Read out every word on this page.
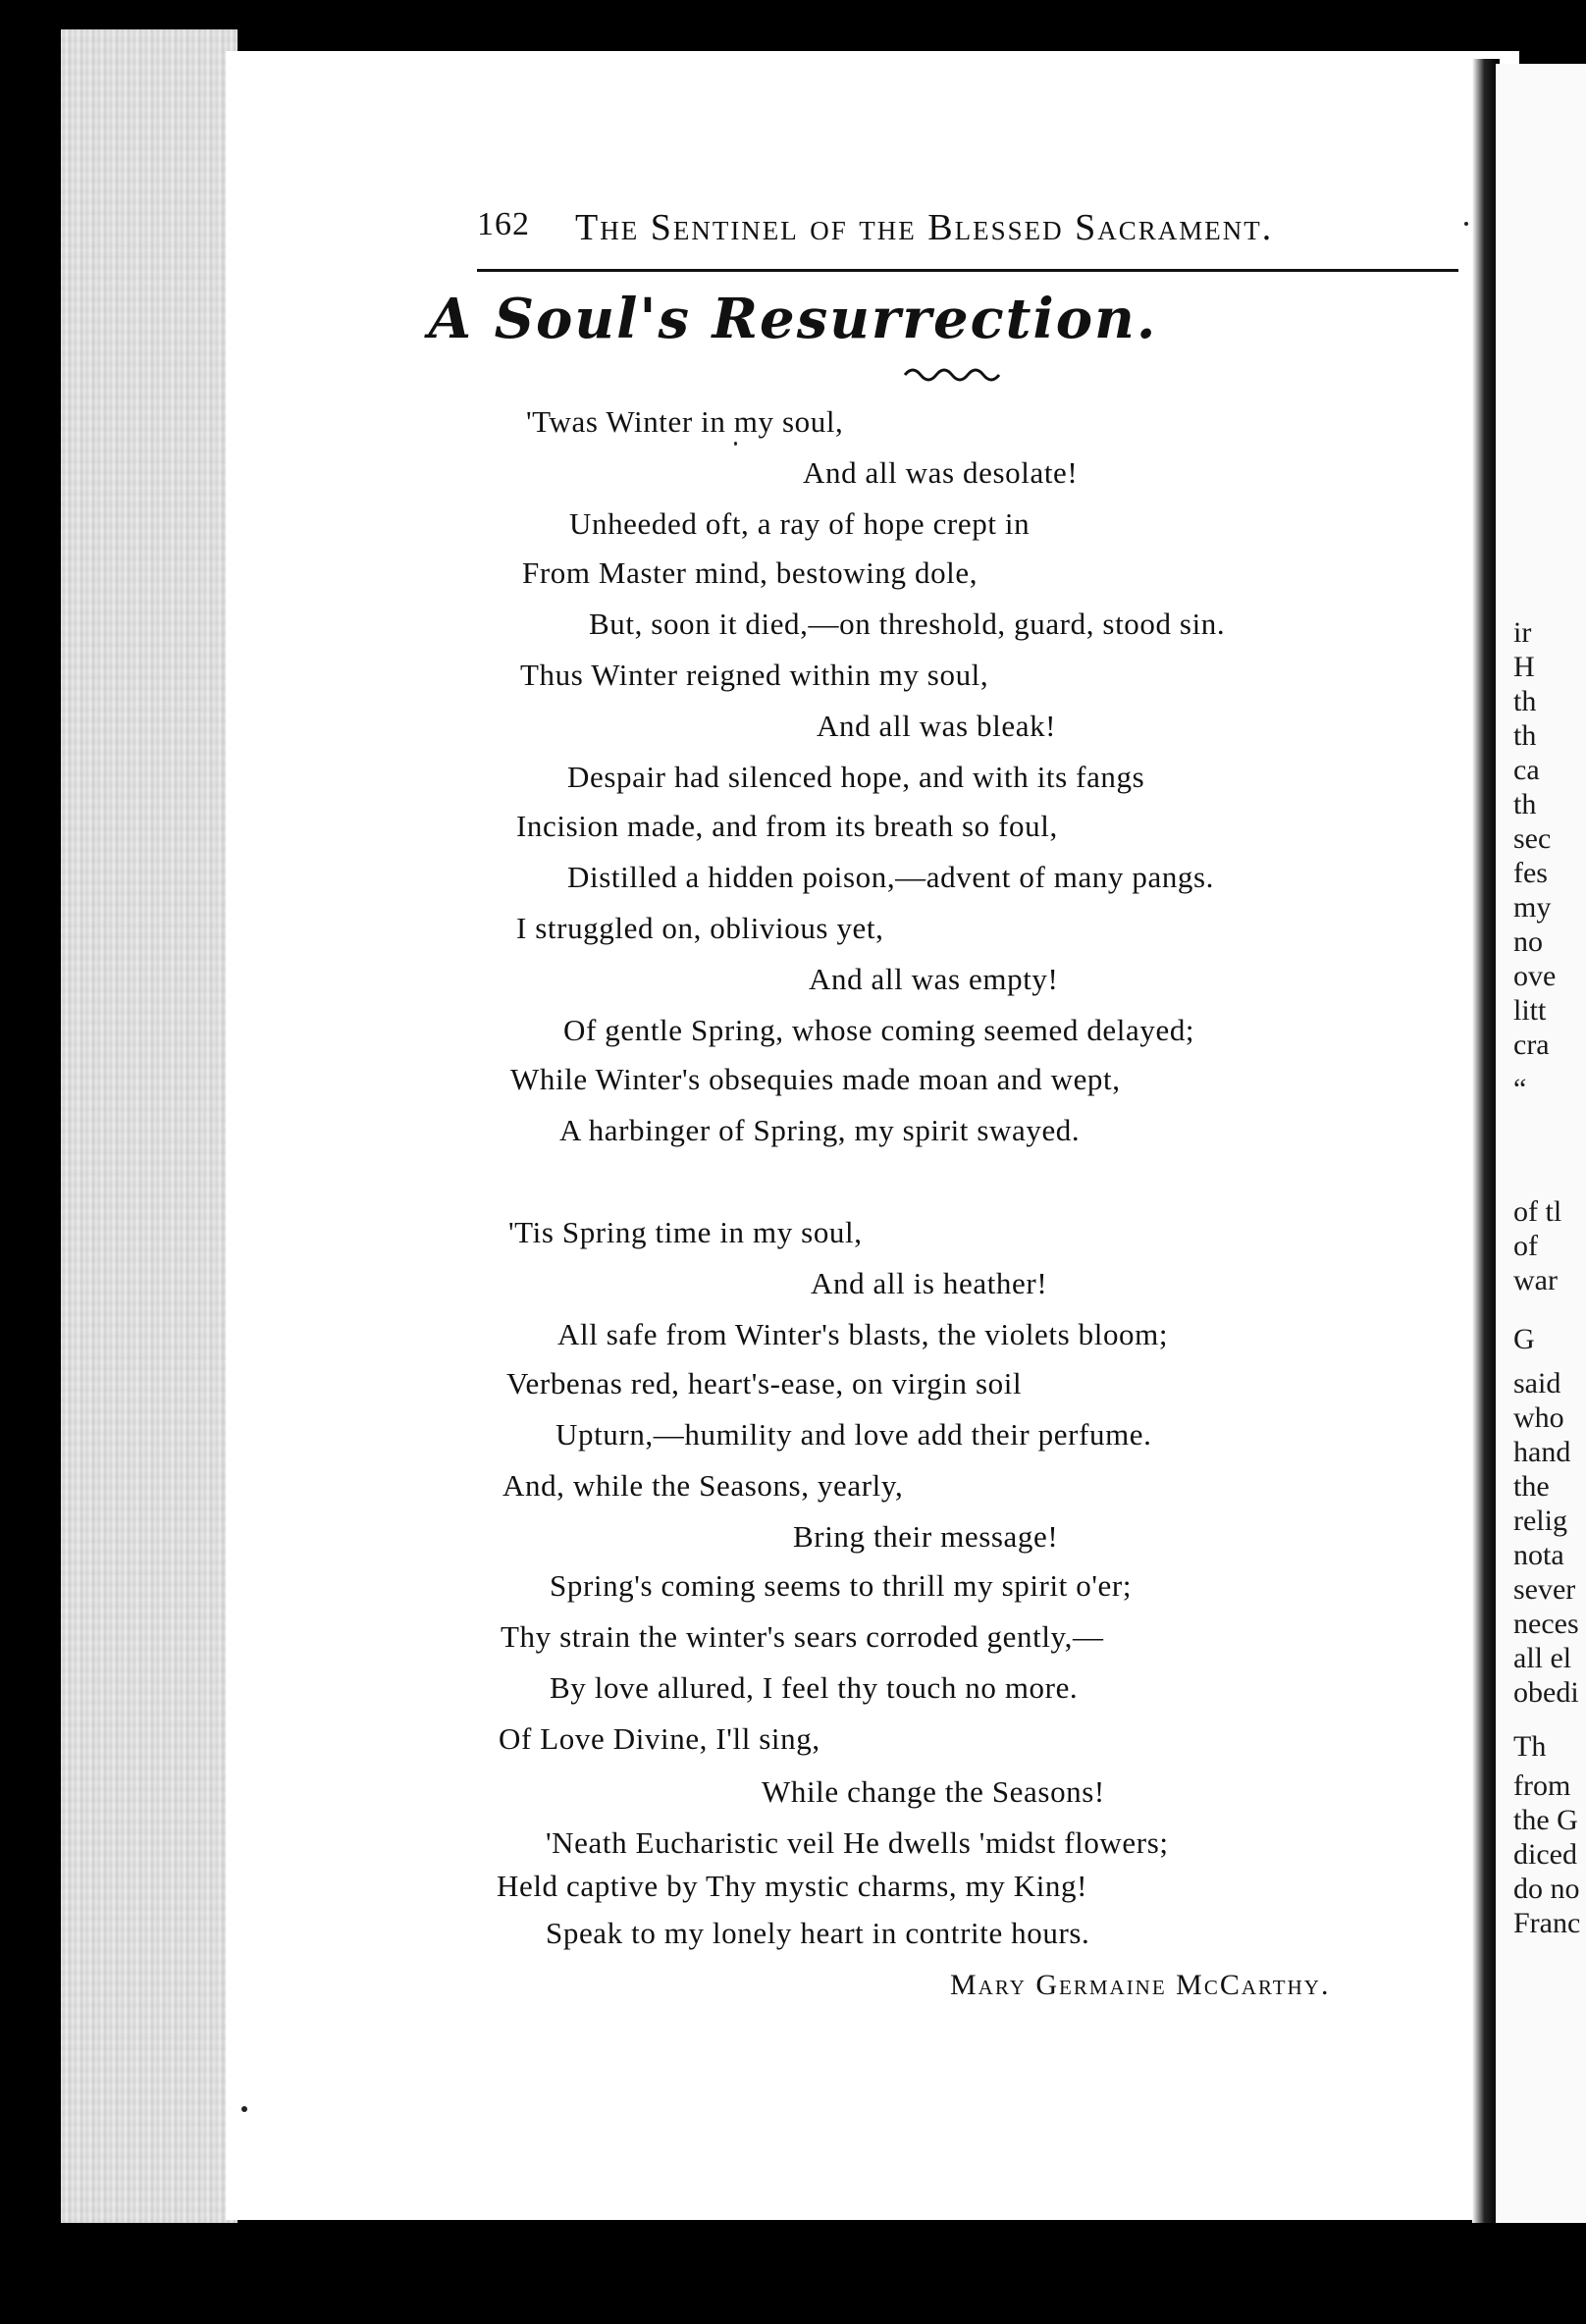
162 The Sentinel of the Blessed Sacrament.
A Soul's Resurrection.
'Twas Winter in my soul,
And all was desolate!
Unheeded oft, a ray of hope crept in
From Master mind, bestowing dole,
But, soon it died,—on threshold, guard, stood sin.
Thus Winter reigned within my soul,
And all was bleak!
Despair had silenced hope, and with its fangs
Incision made, and from its breath so foul,
Distilled a hidden poison,—advent of many pangs.
I struggled on, oblivious yet,
And all was empty!
Of gentle Spring, whose coming seemed delayed;
While Winter's obsequies made moan and wept,
A harbinger of Spring, my spirit swayed.
'Tis Spring time in my soul,
And all is heather!
All safe from Winter's blasts, the violets bloom;
Verbenas red, heart's-ease, on virgin soil
Upturn,—humility and love add their perfume.
And, while the Seasons, yearly,
Bring their message!
Spring's coming seems to thrill my spirit o'er;
Thy strain the winter's sears corroded gently,—
By love allured, I feel thy touch no more.
Of Love Divine, I'll sing,
While change the Seasons!
'Neath Eucharistic veil He dwells 'midst flowers;
Held captive by Thy mystic charms, my King!
Speak to my lonely heart in contrite hours.
Mary Germaine McCarthy.
ir
H
th
th
ca
th
sec
fes
my
no
ove
litt
cra
“
of tl
of
war
G
said
who
hand
the
relig
nota
sever
neces
all el
obedi
Th
from
the G
diced
do no
Franc
